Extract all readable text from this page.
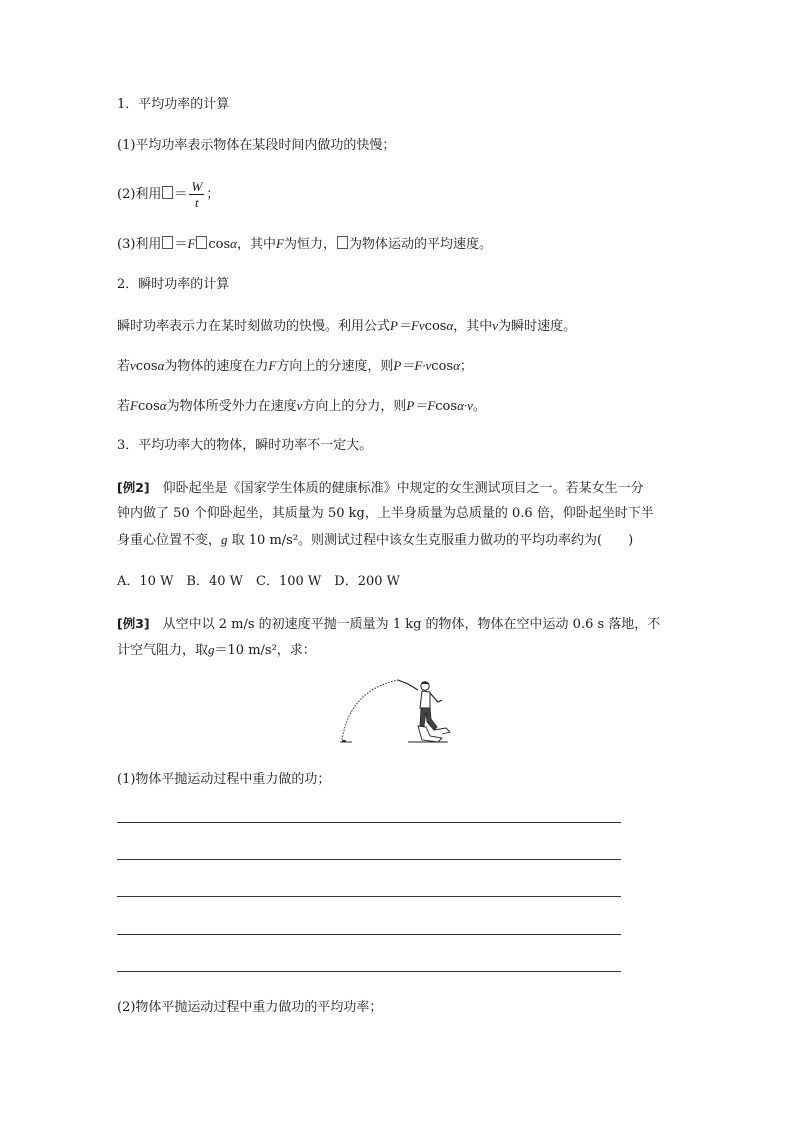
1．平均功率的计算
(1)平均功率表示物体在某段时间内做功的快慢；
(2)利用 ＝ $\frac{W}{t}$ ；
(3)利用 ＝F cosα，其中F为恒力， 为物体运动的平均速度。
2．瞬时功率的计算
瞬时功率表示力在某时刻做功的快慢。利用公式P＝Fvcosα，其中v为瞬时速度。
若vcosα为物体的速度在力F方向上的分速度，则P＝F·vcosα；
若Fcosα为物体所受外力在速度v方向上的分力，则P＝Fcosα·v。
3．平均功率大的物体，瞬时功率不一定大。
[例2]　 仰卧起坐是《国家学生体质的健康标准》中规定的女生测试项目之一。若某女生一分
钟内做了 50 个仰卧起坐，其质量为 50 kg，上半身质量为总质量的 0.6 倍，仰卧起坐时下半
身重心位置不变，g 取 10 m/s²。则测试过程中该女生克服重力做功的平均功率约为(　　)
A．10 W　B．40 W　C．100 W　D．200 W
[例3]　 从空中以 2 m/s 的初速度平抛一质量为 1 kg 的物体，物体在空中运动 0.6 s 落地，不
计空气阻力，取g＝10 m/s²，求：
(1)物体平抛运动过程中重力做的功；
(2)物体平抛运动过程中重力做功的平均功率；
